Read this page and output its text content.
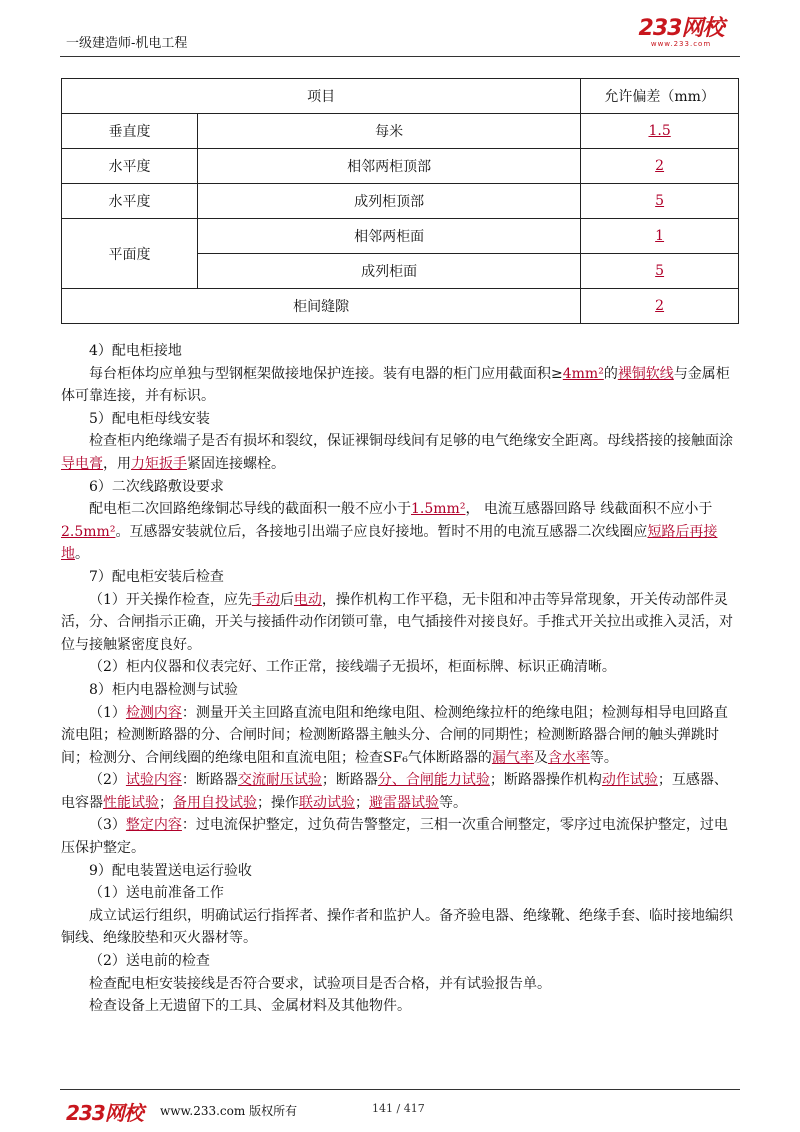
一级建造师-机电工程
233网校
www.233.com
项目		允许偏差（mm）
垂直度	每米	1.5
水平度	相邻两柜顶部	2
水平度	成列柜顶部	5
平面度	相邻两柜面	1
	成列柜面	5
柜间缝隙		2

4）配电柜接地

每台柜体均应单独与型钢框架做接地保护连接。装有电器的柜门应用截面积≥4mm²的裸铜软线与金属柜体可靠连接，并有标识。

5）配电柜母线安装

检查柜内绝缘端子是否有损坏和裂纹，保证裸铜母线间有足够的电气绝缘安全距离。母线搭接的接触面涂导电膏，用力矩扳手紧固连接螺栓。

6）二次线路敷设要求

配电柜二次回路绝缘铜芯导线的截面积一般不应小于1.5mm²， 电流互感器回路导 线截面积不应小于2.5mm²。互感器安装就位后，各接地引出端子应良好接地。暂时不用的电流互感器二次线圈应短路后再接地。

7）配电柜安装后检查

（1）开关操作检查，应先手动后电动，操作机构工作平稳，无卡阻和冲击等异常现象，开关传动部件灵活，分、合闸指示正确，开关与接插件动作闭锁可靠，电气插接件对接良好。手推式开关拉出或推入灵活，对位与接触紧密度良好。

（2）柜内仪器和仪表完好、工作正常，接线端子无损坏，柜面标牌、标识正确清晰。

8）柜内电器检测与试验

（1）检测内容：测量开关主回路直流电阻和绝缘电阻、检测绝缘拉杆的绝缘电阻；检测每相导电回路直流电阻；检测断路器的分、合闸时间；检测断路器主触头分、合闸的同期性；检测断路器合闸的触头弹跳时间；检测分、合闸线圈的绝缘电阻和直流电阻；检查SF₆气体断路器的漏气率及含水率等。

（2）试验内容：断路器交流耐压试验；断路器分、合闸能力试验；断路器操作机构动作试验；互感器、电容器性能试验；备用自投试验；操作联动试验；避雷器试验等。

（3）整定内容：过电流保护整定，过负荷告警整定，三相一次重合闸整定，零序过电流保护整定，过电压保护整定。

9）配电装置送电运行验收

（1）送电前准备工作

成立试运行组织，明确试运行指挥者、操作者和监护人。备齐验电器、绝缘靴、绝缘手套、临时接地编织铜线、绝缘胶垫和灭火器材等。

（2）送电前的检查

检查配电柜安装接线是否符合要求，试验项目是否合格，并有试验报告单。

检查设备上无遗留下的工具、金属材料及其他物件。

233网校 www.233.com 版权所有	141 / 417
